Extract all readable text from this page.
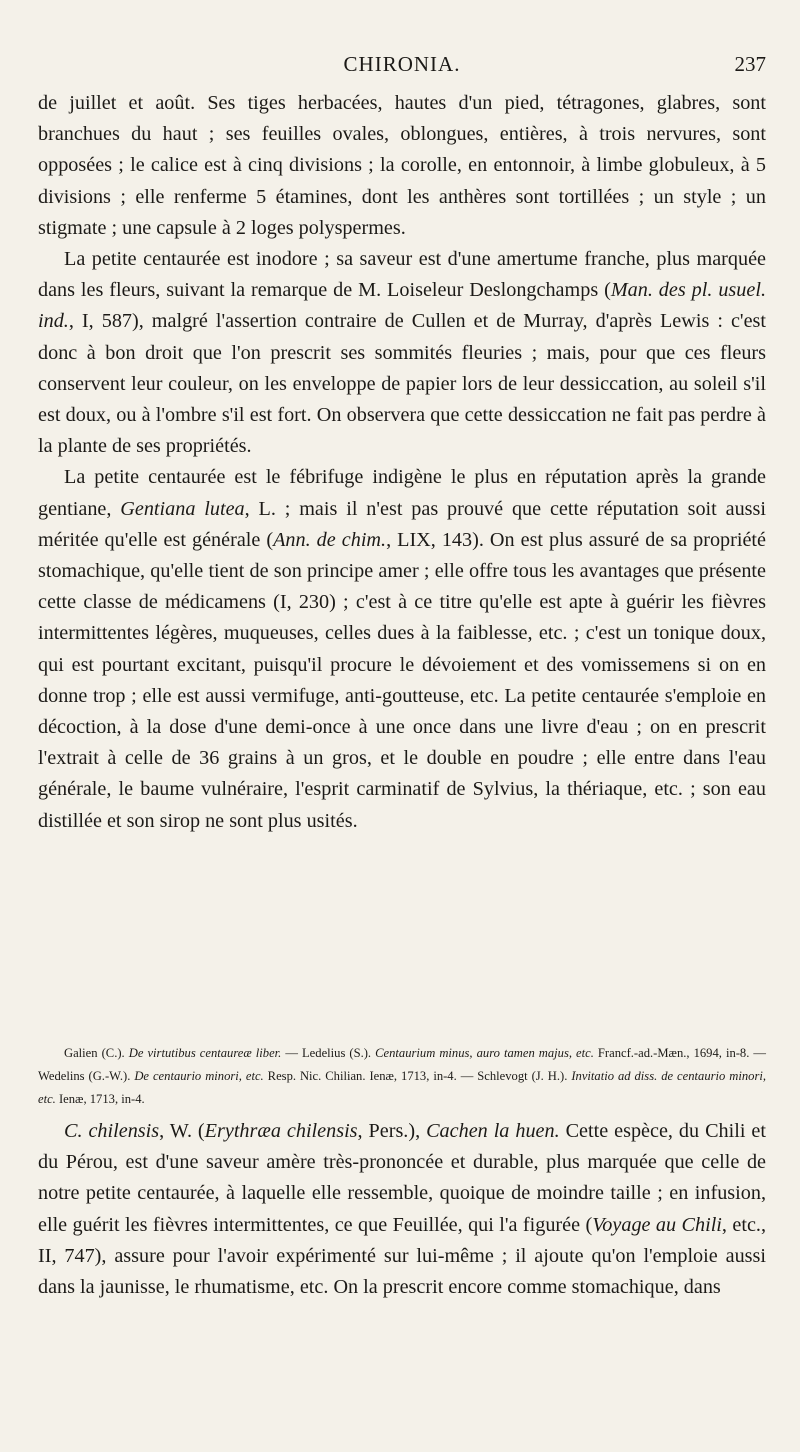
CHIRONIA.	237

de juillet et août. Ses tiges herbacées, hautes d'un pied, tétragones, glabres, sont branchues du haut ; ses feuilles ovales, oblongues, entières, à trois nervures, sont opposées ; le calice est à cinq divisions ; la corolle, en entonnoir, à limbe globuleux, à 5 divisions ; elle renferme 5 étamines, dont les anthères sont tortillées ; un style ; un stigmate ; une capsule à 2 loges polyspermes.

La petite centaurée est inodore ; sa saveur est d'une amertume franche, plus marquée dans les fleurs, suivant la remarque de M. Loiseleur Deslongchamps (Man. des pl. usuel. ind., I, 587), malgré l'assertion contraire de Cullen et de Murray, d'après Lewis : c'est donc à bon droit que l'on prescrit ses sommités fleuries ; mais, pour que ces fleurs conservent leur couleur, on les enveloppe de papier lors de leur dessiccation, au soleil s'il est doux, ou à l'ombre s'il est fort. On observera que cette dessiccation ne fait pas perdre à la plante de ses propriétés.

La petite centaurée est le fébrifuge indigène le plus en réputation après la grande gentiane, Gentiana lutea, L. ; mais il n'est pas prouvé que cette réputation soit aussi méritée qu'elle est générale (Ann. de chim., LIX, 143). On est plus assuré de sa propriété stomachique, qu'elle tient de son principe amer ; elle offre tous les avantages que présente cette classe de médicamens (I, 230) ; c'est à ce titre qu'elle est apte à guérir les fièvres intermittentes légères, muqueuses, celles dues à la faiblesse, etc. ; c'est un tonique doux, qui est pourtant excitant, puisqu'il procure le dévoiement et des vomissemens si on en donne trop ; elle est aussi vermifuge, anti-goutteuse, etc. La petite centaurée s'emploie en décoction, à la dose d'une demi-once à une once dans une livre d'eau ; on en prescrit l'extrait à celle de 36 grains à un gros, et le double en poudre ; elle entre dans l'eau générale, le baume vulnéraire, l'esprit carminatif de Sylvius, la thériaque, etc. ; son eau distillée et son sirop ne sont plus usités.

Galien (C.). De virtutibus centaureæ liber. — Ledelius (S.). Centaurium minus, auro tamen majus, etc. Francf.-ad.-Mæn., 1694, in-8. — Wedelins (G.-W.). De centaurio minori, etc. Resp. Nic. Chilian. Ienæ, 1713, in-4. — Schlevogt (J. H.). Invitatio ad diss. de centaurio minori, etc. Ienæ, 1713, in-4.

C. chilensis, W. (Erythræa chilensis, Pers.), Cachen la huen. Cette espèce, du Chili et du Pérou, est d'une saveur amère très-prononcée et durable, plus marquée que celle de notre petite centaurée, à laquelle elle ressemble, quoique de moindre taille ; en infusion, elle guérit les fièvres intermittentes, ce que Feuillée, qui l'a figurée (Voyage au Chili, etc., II, 747), assure pour l'avoir expérimenté sur lui-même ; il ajoute qu'on l'emploie aussi dans la jaunisse, le rhumatisme, etc. On la prescrit encore comme stomachique, dans
